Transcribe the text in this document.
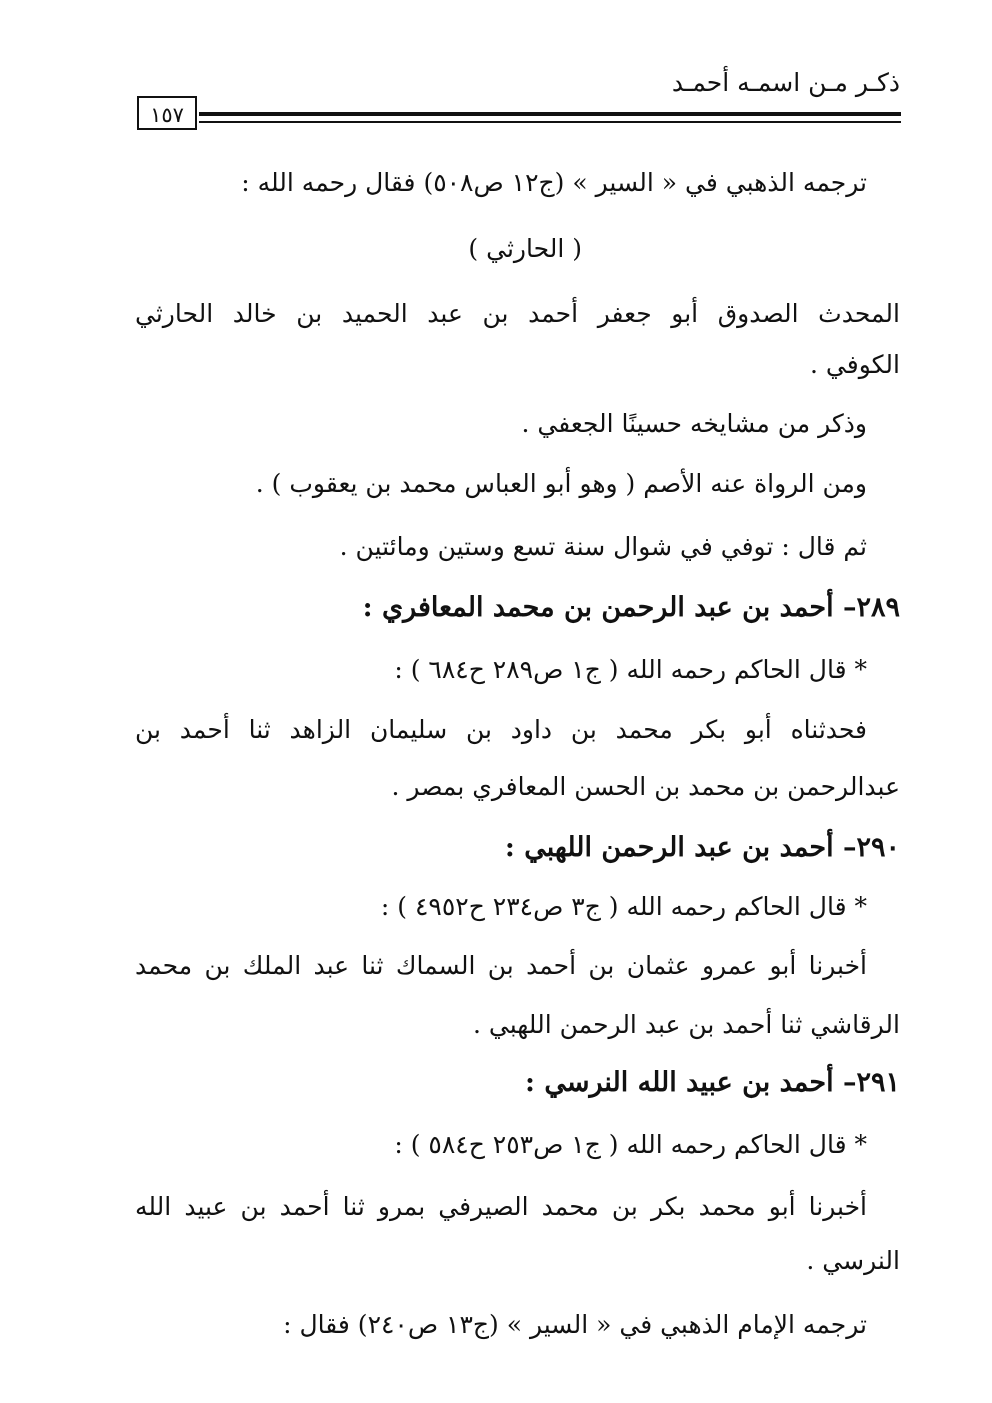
ذكـر مـن اسمـه أحمـد
١٥٧
ترجمه الذهبي في « السير » (ج١٢ ص٥٠٨) فقال رحمه الله :
( الحارثي )
المحدث الصدوق أبو جعفر أحمد بن عبد الحميد بن خالد الحارثي
الكوفي .
وذكر من مشايخه حسينًا الجعفي .
ومن الرواة عنه الأصم ( وهو أبو العباس محمد بن يعقوب ) .
ثم قال : توفي في شوال سنة تسع وستين ومائتين .
٢٨٩– أحمد بن عبد الرحمن بن محمد المعافري :
* قال الحاكم رحمه الله ( ج١ ص٢٨٩ ح٦٨٤ ) :
فحدثناه أبو بكر محمد بن داود بن سليمان الزاهد ثنا أحمد بن
عبدالرحمن بن محمد بن الحسن المعافري بمصر .
٢٩٠– أحمد بن عبد الرحمن اللهبي :
* قال الحاكم رحمه الله ( ج٣ ص٢٣٤ ح٤٩٥٢ ) :
أخبرنا أبو عمرو عثمان بن أحمد بن السماك ثنا عبد الملك بن محمد
الرقاشي ثنا أحمد بن عبد الرحمن اللهبي .
٢٩١– أحمد بن عبيد الله النرسي :
* قال الحاكم رحمه الله ( ج١ ص٢٥٣ ح٥٨٤ ) :
أخبرنا أبو محمد بكر بن محمد الصيرفي بمرو ثنا أحمد بن عبيد الله
النرسي .
ترجمه الإمام الذهبي في « السير » (ج١٣ ص٢٤٠) فقال :
